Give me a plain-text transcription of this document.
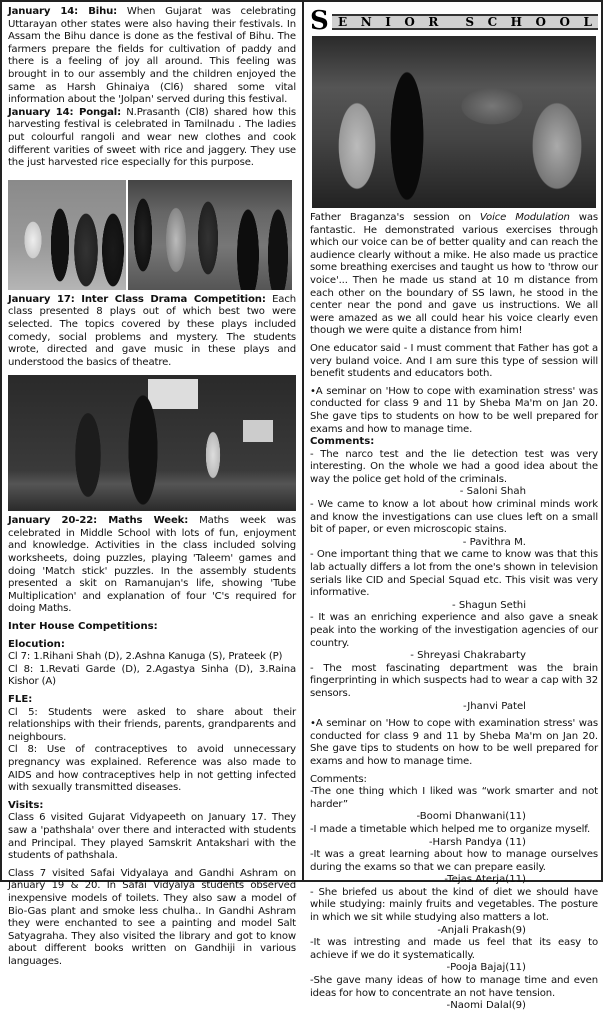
January 14: Bihu: When Gujarat was celebrating Uttarayan other states were also having their festivals. In Assam the Bihu dance is done as the festival of Bihu. The farmers prepare the fields for cultivation of paddy and there is a feeling of joy all around. This feeling was brought in to our assembly and the children enjoyed the same as Harsh Ghinaiya (Cl6) shared some vital information about the 'Jolpan' served during this festival.

January 14: Pongal: N.Prasanth (Cl8) shared how this harvesting festival is celebrated in Tamilnadu . The ladies put colourful rangoli and wear new clothes and cook different varities of sweet with rice and jaggery. They use the just harvested rice especially for this purpose.

January 17: Inter Class Drama Competition: Each class presented 8 plays out of which best two were selected. The topics covered by these plays included comedy, social problems and mystery. The students wrote, directed and gave music in these plays and understood the basics of theatre.

January 20-22: Maths Week: Maths week was celebrated in Middle School with lots of fun, enjoyment and knowledge. Activities in the class included solving worksheets, doing puzzles, playing 'Taleem' games and doing 'Match stick' puzzles. In the assembly students presented a skit on Ramanujan's life, showing 'Tube Multiplication' and explanation of four 'C's required for doing Maths.

Inter House Competitions:
Elocution:
Cl 7: 1.Rihani Shah (D), 2.Ashna Kanuga (S), Prateek (P)
Cl 8: 1.Revati Garde (D), 2.Agastya Sinha (D), 3.Raina Kishor (A)
FLE:

Cl 5: Students were asked to share about their relationships with their friends, parents, grandparents and neighbours.

Cl 8: Use of contraceptives to avoid unnecessary pregnancy was explained. Reference was also made to AIDS and how contraceptives help in not getting infected with sexually transmitted diseases.

Visits:

Class 6 visited Gujarat Vidyapeeth on January 17. They saw a 'pathshala' over there and interacted with students and Principal. They played Samskrit Antakshari with the students of pathshala.

Class 7 visited Safai Vidyalaya and Gandhi Ashram on January 19 & 20. In Safai Vidyalya students observed inexpensive models of toilets. They also saw a model of Bio-Gas plant and smoke less chulha.. In Gandhi Ashram they were enchanted to see a painting and model Salt Satyagraha. They also visited the library and got to know about different books written on Gandhiji in various languages.

S E N I O R S C H O O L

Father Braganza's session on Voice Modulation was fantastic. He demonstrated various exercises through which our voice can be of better quality and can reach the audience clearly without a mike. He also made us practice some breathing exercises and taught us how to 'throw our voice'... Then he made us stand at 10 m distance from each other on the boundary of SS lawn, he stood in the center near the pond and gave us instructions. We all were amazed as we all could hear his voice clearly even though we were quite a distance from him!

One educator said - I must comment that Father has got a very buland voice. And I am sure this type of session will benefit students and educators both.

•A seminar on 'How to cope with examination stress' was conducted for class 9 and 11 by Sheba Ma'm on Jan 20. She gave tips to students on how to be well prepared for exams and how to manage time.

Comments:

- The narco test and the lie detection test was very interesting. On the whole we had a good idea about the way the police get hold of the criminals.

- Saloni Shah

- We came to know a lot about how criminal minds work and know the investigations can use clues left on a small bit of paper, or even microscopic stains.

- Pavithra M.

- One important thing that we came to know was that this lab actually differs a lot from the one's shown in television serials like CID and Special Squad etc. This visit was very informative.

- Shagun Sethi

- It was an enriching experience and also gave a sneak peak into the working of the investigation agencies of our country.

- Shreyasi Chakrabarty

- The most fascinating department was the brain fingerprinting in which suspects had to wear a cap with 32 sensors.

-Jhanvi Patel

•A seminar on 'How to cope with examination stress' was conducted for class 9 and 11 by Sheba Ma'm on Jan 20. She gave tips to students on how to be well prepared for exams and how to manage time.

Comments:

-The one thing which I liked was “work smarter and not harder”

-Boomi Dhanwani(11)

-I made a timetable which helped me to organize myself.

-Harsh Pandya (11)

-It was a great learning about how to manage ourselves during the exams so that we can prepare easily.

-Tejas Aterja(11)

- She briefed us about the kind of diet we should have while studying: mainly fruits and vegetables. The posture in which we sit while studying also matters a lot.

-Anjali Prakash(9)

-It was intresting and made us feel that its easy to achieve if we do it systematically.

-Pooja Bajaj(11)

-She gave many ideas of how to manage time and even ideas for how to concentrate an not have tension.

-Naomi Dalal(9)
